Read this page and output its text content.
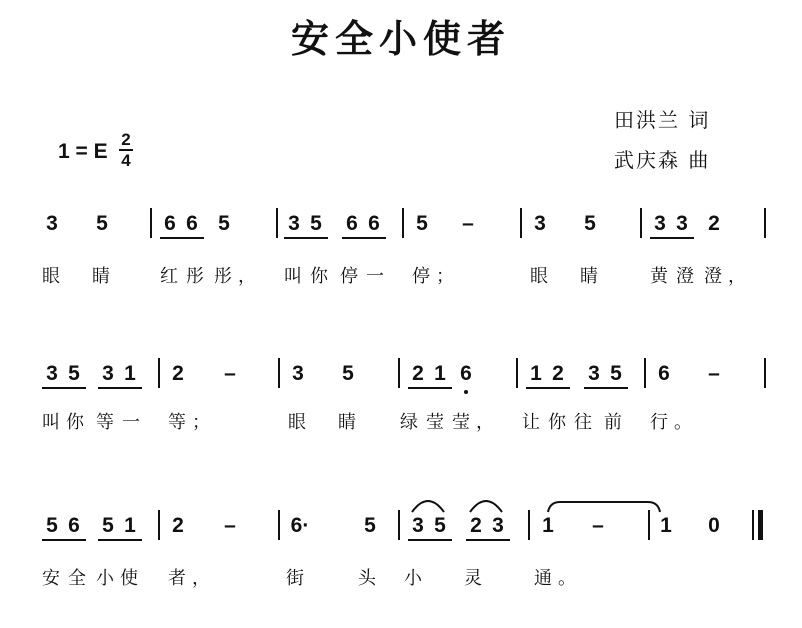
安全小使者
田洪兰 词
武庆森 曲
1 = E
2
4
3 5	6 6 5	3 5 6 6 5 –	3 5	3 3 2
眼 睛	红 彤 彤 ， 叫 你 停 一 停 ；	眼 睛	黄 澄 澄 ，
3 5 3 1 2 –	3 5	2 1 6	1 2 3 5 6 –
叫 你 等 一 等 ；	眼 睛 绿 莹 莹 ， 让 你 往 前 行 。
5 6 5 1 2 –	6·	5 3 5 2 3 1 –	1 0
安 全 小 使 者 ，	街	头 小 灵	通 。
